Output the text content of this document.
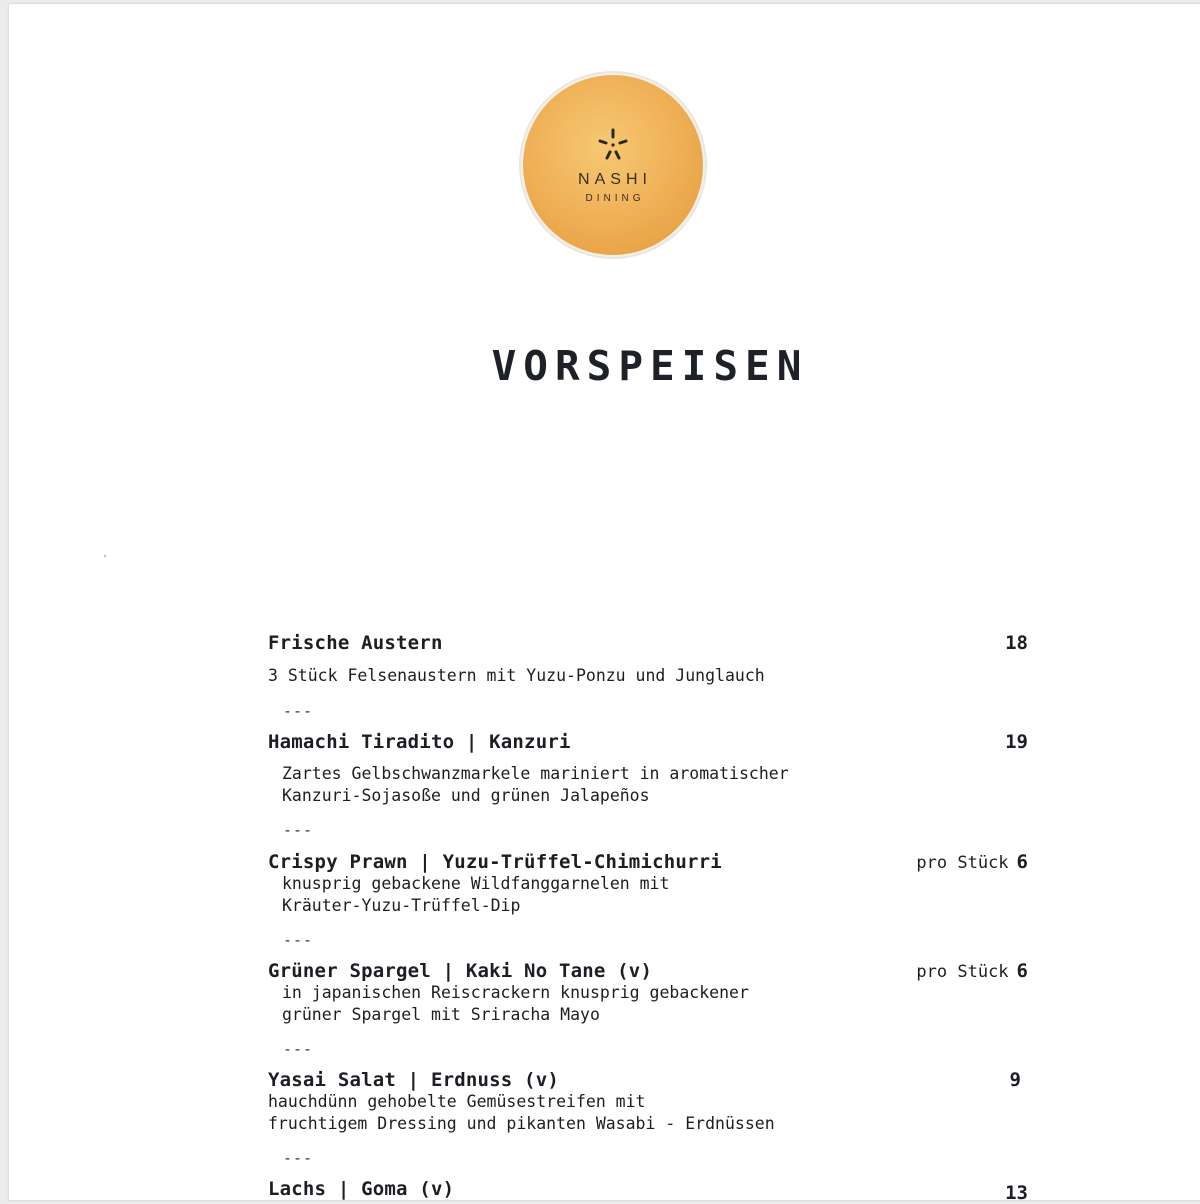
NASHI
DINING
VORSPEISEN
Frische Austern	18
3 Stück Felsenaustern mit Yuzu-Ponzu und Junglauch
---
Hamachi Tiradito | Kanzuri	19
Zartes Gelbschwanzmarkele mariniert in aromatischer
Kanzuri-Sojasoße und grünen Jalapeños
---
Crispy Prawn | Yuzu-Trüffel-Chimichurri	pro Stück 6
knusprig gebackene Wildfanggarnelen mit
Kräuter-Yuzu-Trüffel-Dip
---
Grüner Spargel | Kaki No Tane (v)	pro Stück 6
in japanischen Reiscrackern knusprig gebackener
grüner Spargel mit Sriracha Mayo
---
Yasai Salat | Erdnuss (v)	9
hauchdünn gehobelte Gemüsestreifen mit
fruchtigem Dressing und pikanten Wasabi - Erdnüssen
---
Lachs | Goma (v)	13
